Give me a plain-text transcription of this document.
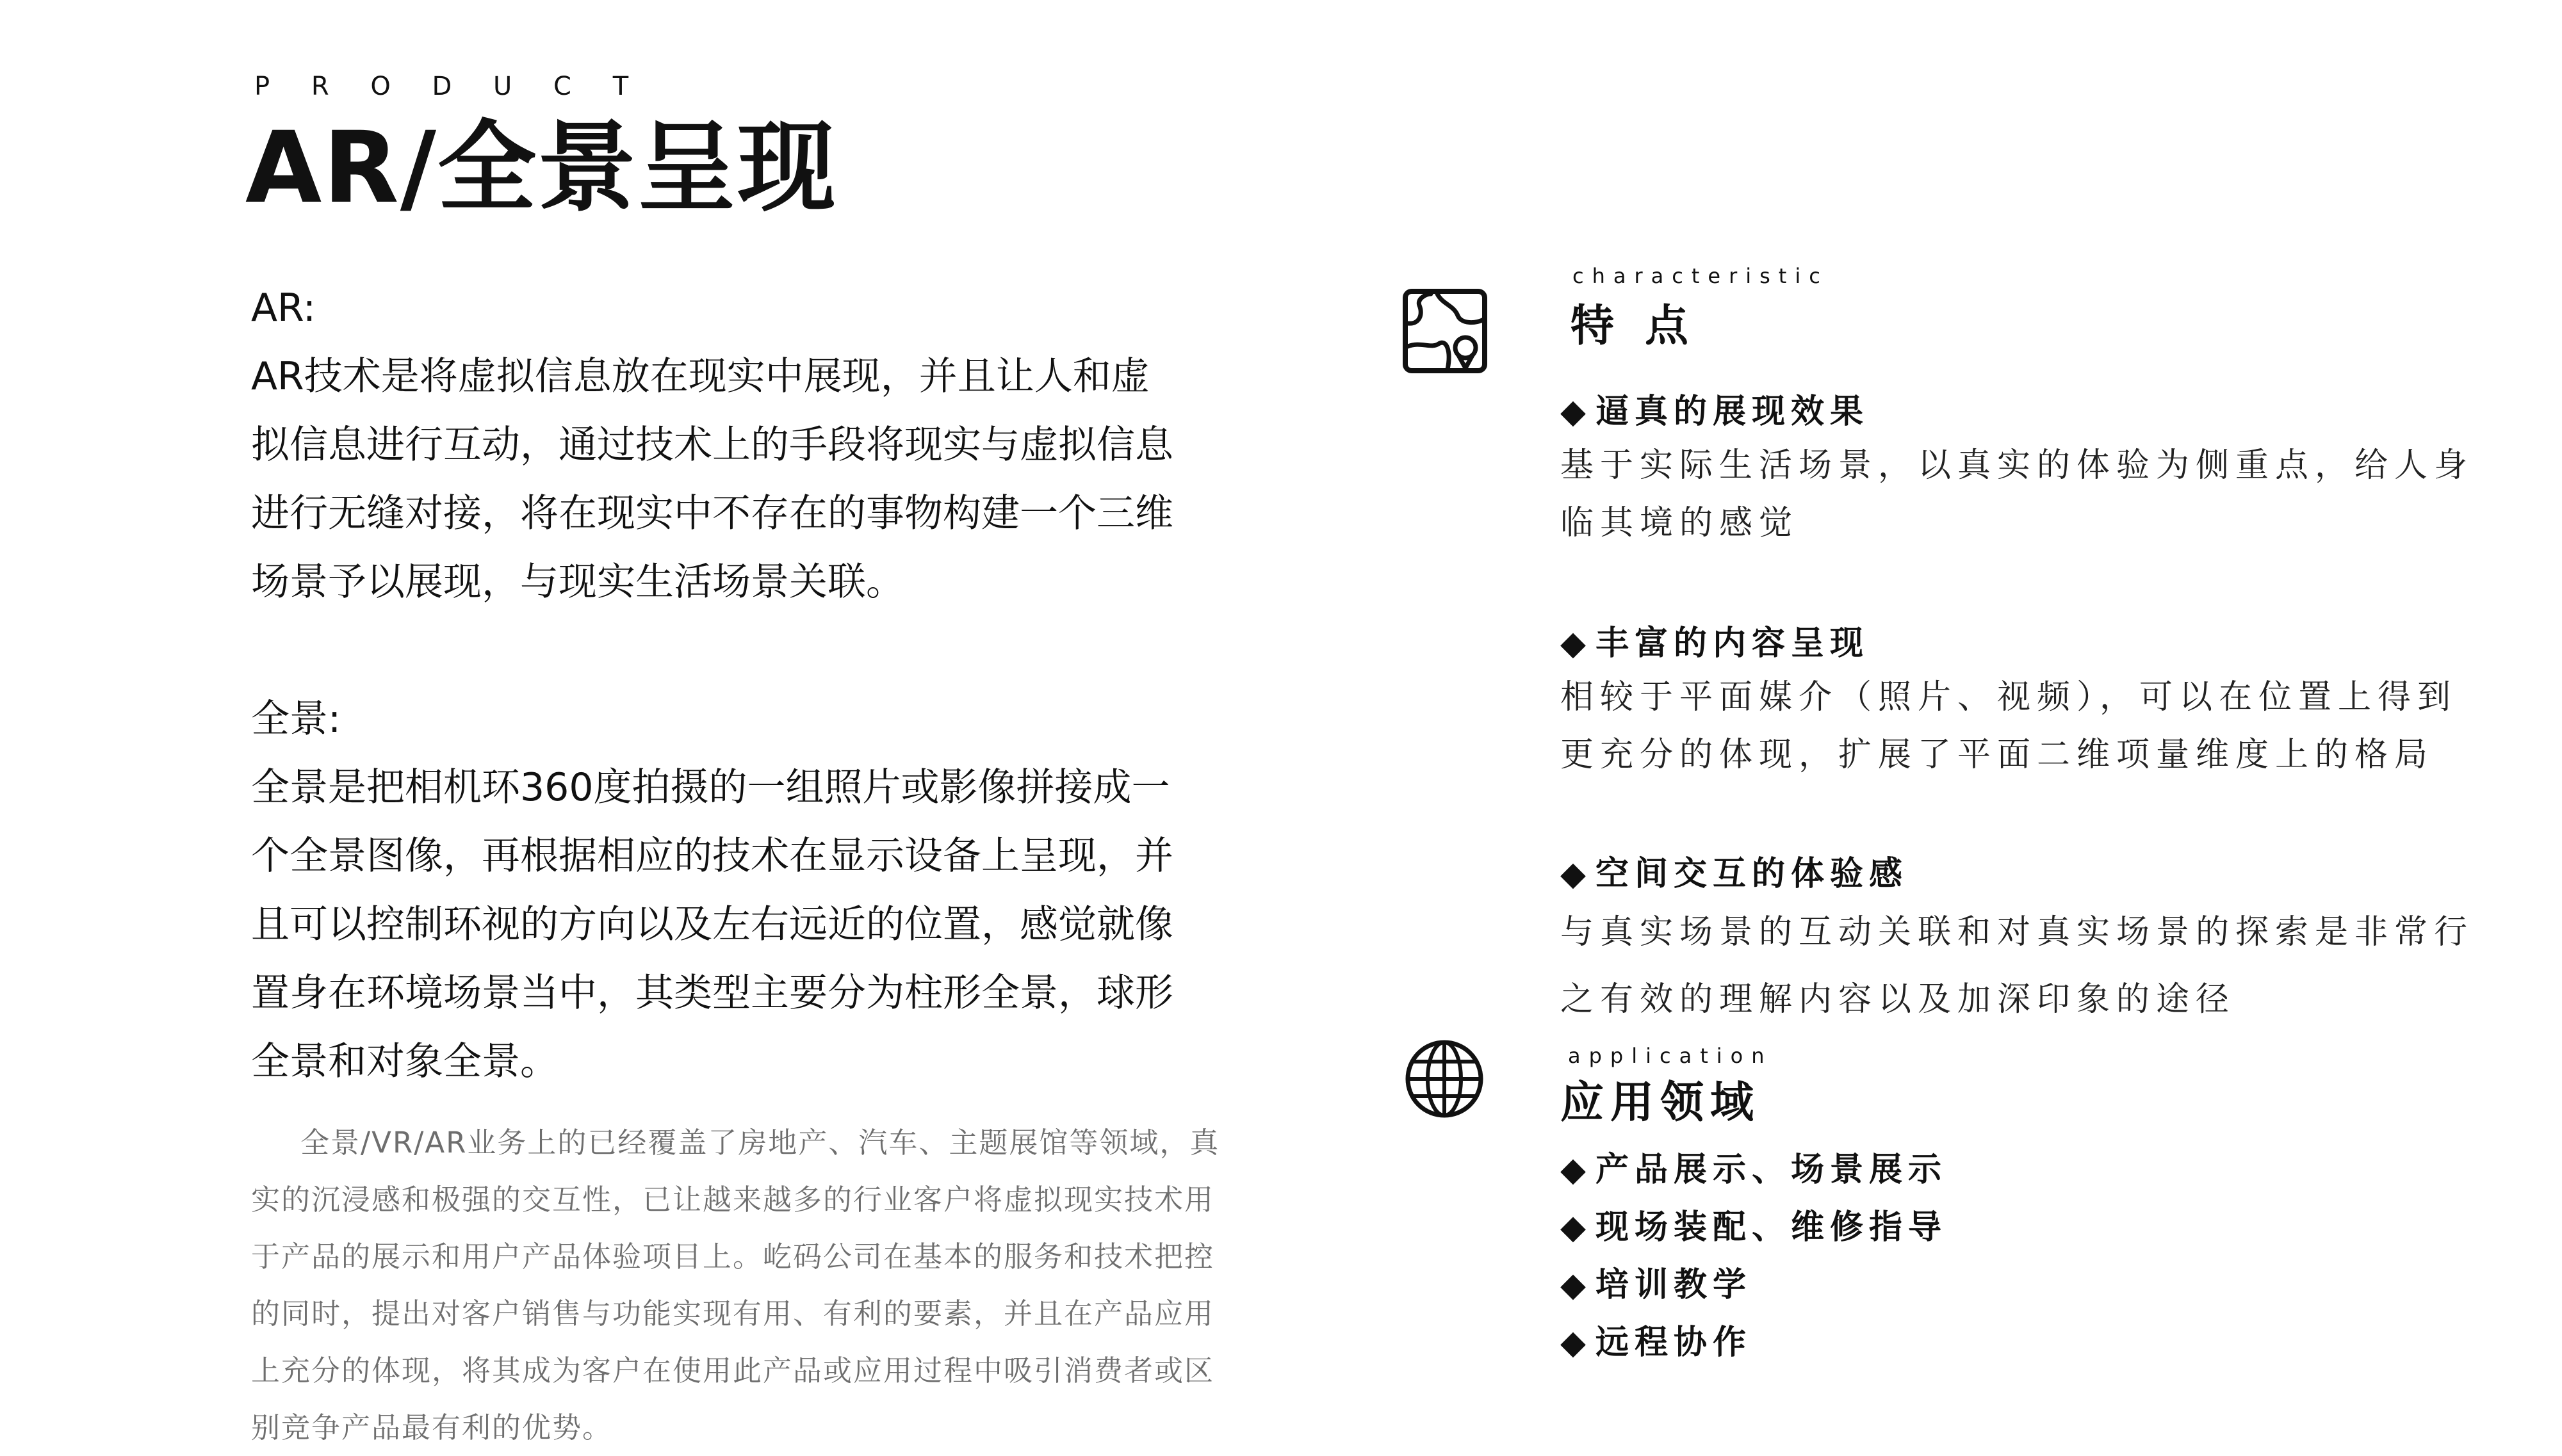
P R O D U C T
AR/全景呈现
AR:
AR技术是将虚拟信息放在现实中展现，并且让人和虚
拟信息进行互动，通过技术上的手段将现实与虚拟信息
进行无缝对接，将在现实中不存在的事物构建一个三维
场景予以展现，与现实生活场景关联。
全景:
全景是把相机环360度拍摄的一组照片或影像拼接成一
个全景图像，再根据相应的技术在显示设备上呈现，并
且可以控制环视的方向以及左右远近的位置，感觉就像
置身在环境场景当中，其类型主要分为柱形全景，球形
全景和对象全景。
全景/VR/AR业务上的已经覆盖了房地产、汽车、主题展馆等领域，真
实的沉浸感和极强的交互性，已让越来越多的行业客户将虚拟现实技术用
于产品的展示和用户产品体验项目上。屹码公司在基本的服务和技术把控
的同时，提出对客户销售与功能实现有用、有利的要素，并且在产品应用
上充分的体现，将其成为客户在使用此产品或应用过程中吸引消费者或区
别竞争产品最有利的优势。
characteristic
特点
◆ 逼真的展现效果
基于实际生活场景，以真实的体验为侧重点，给人身
临其境的感觉
◆ 丰富的内容呈现
相较于平面媒介（照片、视频），可以在位置上得到
更充分的体现，扩展了平面二维项量维度上的格局
◆ 空间交互的体验感
与真实场景的互动关联和对真实场景的探索是非常行
之有效的理解内容以及加深印象的途径
application
应用领域
◆ 产品展示、场景展示
◆ 现场装配、维修指导
◆ 培训教学
◆ 远程协作
